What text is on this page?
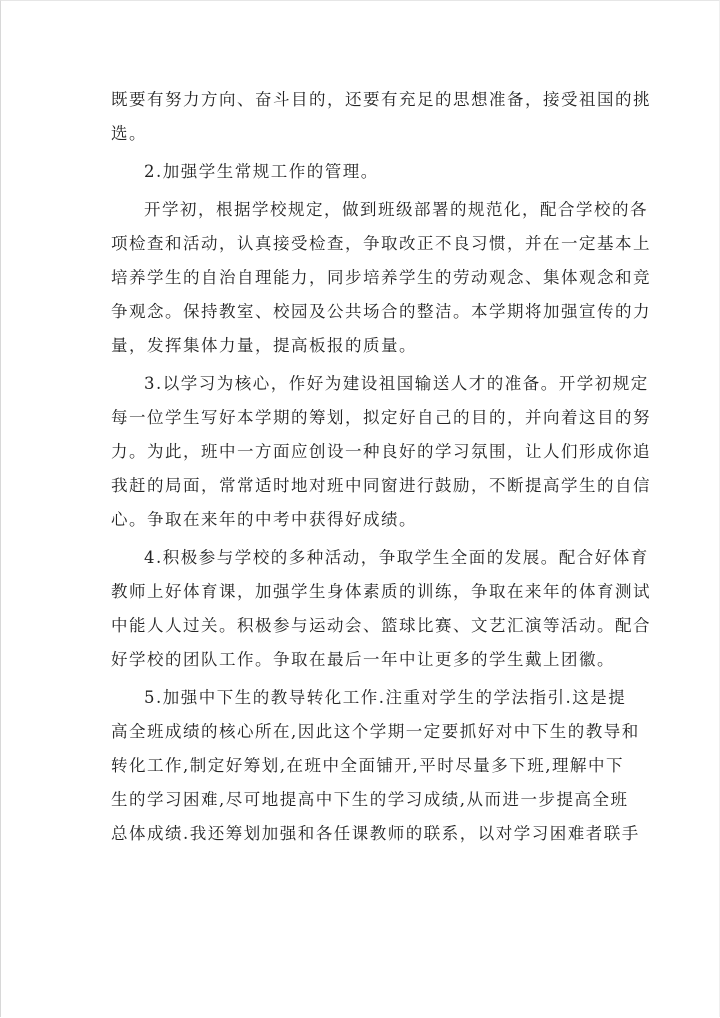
既要有努力方向、奋斗目的，还要有充足的思想准备，接受祖国的挑
选。
2.加强学生常规工作的管理。
开学初，根据学校规定，做到班级部署的规范化，配合学校的各
项检查和活动，认真接受检查，争取改正不良习惯，并在一定基本上
培养学生的自治自理能力，同步培养学生的劳动观念、集体观念和竞
争观念。保持教室、校园及公共场合的整洁。本学期将加强宣传的力
量，发挥集体力量，提高板报的质量。
3.以学习为核心，作好为建设祖国输送人才的准备。开学初规定
每一位学生写好本学期的筹划，拟定好自己的目的，并向着这目的努
力。为此，班中一方面应创设一种良好的学习氛围，让人们形成你追
我赶的局面，常常适时地对班中同窗进行鼓励，不断提高学生的自信
心。争取在来年的中考中获得好成绩。
4.积极参与学校的多种活动，争取学生全面的发展。配合好体育
教师上好体育课，加强学生身体素质的训练，争取在来年的体育测试
中能人人过关。积极参与运动会、篮球比赛、文艺汇演等活动。配合
好学校的团队工作。争取在最后一年中让更多的学生戴上团徽。
5.加强中下生的教导转化工作.注重对学生的学法指引.这是提
高全班成绩的核心所在,因此这个学期一定要抓好对中下生的教导和
转化工作,制定好筹划,在班中全面铺开,平时尽量多下班,理解中下
生的学习困难,尽可地提高中下生的学习成绩,从而进一步提高全班
总体成绩.我还筹划加强和各任课教师的联系，以对学习困难者联手
